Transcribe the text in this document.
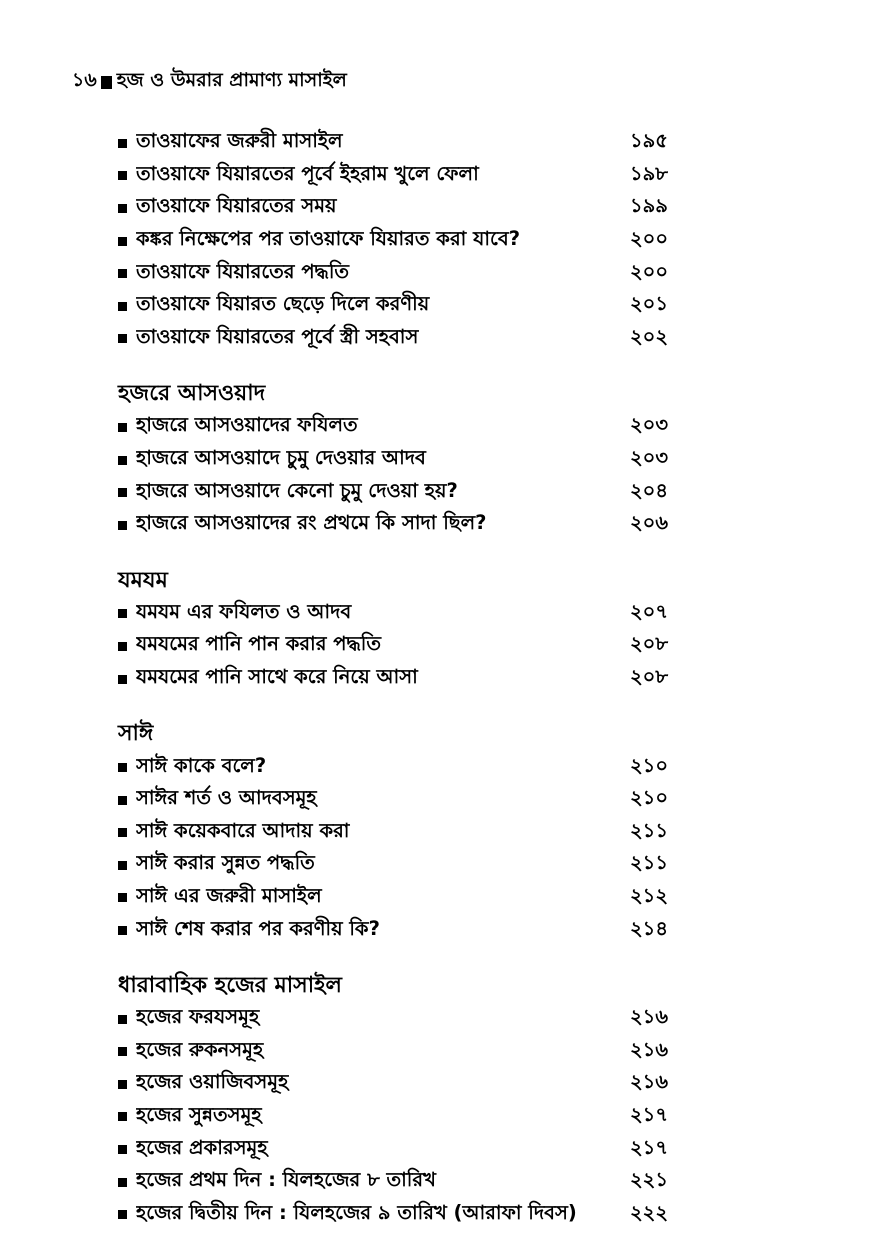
১৬ হজ ও উমরার প্রামাণ্য মাসাইল
তাওয়াফের জরুরী মাসাইল	১৯৫
তাওয়াফে যিয়ারতের পূর্বে ইহরাম খুলে ফেলা	১৯৮
তাওয়াফে যিয়ারতের সময়	১৯৯
কঙ্কর নিক্ষেপের পর তাওয়াফে যিয়ারত করা যাবে?	২০০
তাওয়াফে যিয়ারতের পদ্ধতি	২০০
তাওয়াফে যিয়ারত ছেড়ে দিলে করণীয়	২০১
তাওয়াফে যিয়ারতের পূর্বে স্ত্রী সহবাস	২০২
হজরে আসওয়াদ
হাজরে আসওয়াদের ফযিলত	২০৩
হাজরে আসওয়াদে চুমু দেওয়ার আদব	২০৩
হাজরে আসওয়াদে কেনো চুমু দেওয়া হয়?	২০৪
হাজরে আসওয়াদের রং প্রথমে কি সাদা ছিল?	২০৬
যমযম
যমযম এর ফযিলত ও আদব	২০৭
যমযমের পানি পান করার পদ্ধতি	২০৮
যমযমের পানি সাথে করে নিয়ে আসা	২০৮
সাঈ
সাঈ কাকে বলে?	২১০
সাঈর শর্ত ও আদবসমূহ	২১০
সাঈ কয়েকবারে আদায় করা	২১১
সাঈ করার সুন্নত পদ্ধতি	২১১
সাঈ এর জরুরী মাসাইল	২১২
সাঈ শেষ করার পর করণীয় কি?	২১৪
ধারাবাহিক হজের মাসাইল
হজের ফরযসমূহ	২১৬
হজের রুকনসমূহ	২১৬
হজের ওয়াজিবসমূহ	২১৬
হজের সুন্নতসমূহ	২১৭
হজের প্রকারসমূহ	২১৭
হজের প্রথম দিন : যিলহজের ৮ তারিখ	২২১
হজের দ্বিতীয় দিন : যিলহজের ৯ তারিখ (আরাফা দিবস)	২২২
